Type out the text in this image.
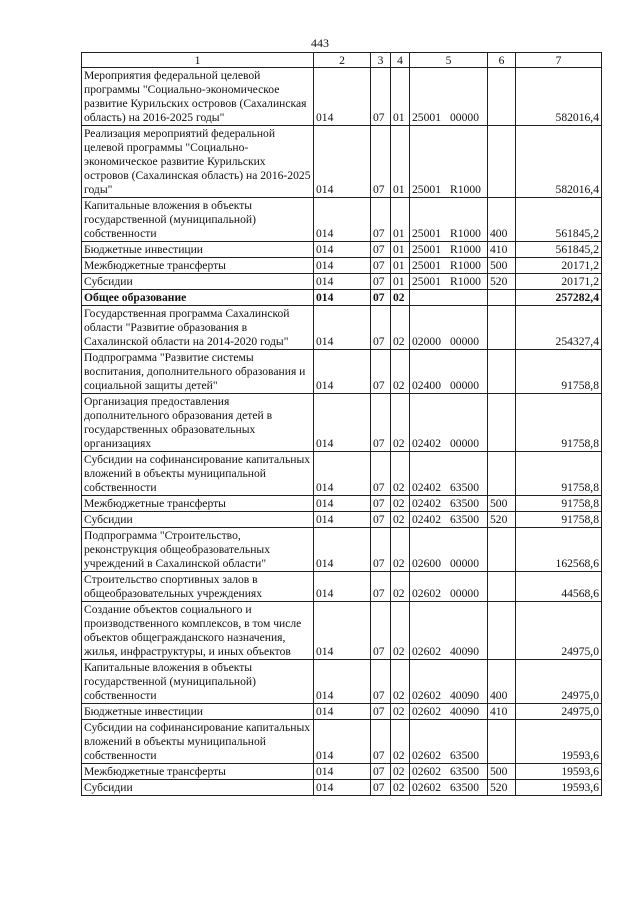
443
1	2	3	4	5	6	7
Мероприятия федеральной целевой программы "Социально-экономическое развитие Курильских островов (Сахалинская область) на 2016-2025 годы"	014	07	01	25001 00000		582016,4
Реализация мероприятий федеральной целевой программы "Социально-экономическое развитие Курильских островов (Сахалинская область) на 2016-2025 годы"	014	07	01	25001 R1000		582016,4
Капитальные вложения в объекты государственной (муниципальной) собственности	014	07	01	25001 R1000	400	561845,2
Бюджетные инвестиции	014	07	01	25001 R1000	410	561845,2
Межбюджетные трансферты	014	07	01	25001 R1000	500	20171,2
Субсидии	014	07	01	25001 R1000	520	20171,2
Общее образование	014	07	02			257282,4
Государственная программа Сахалинской области "Развитие образования в Сахалинской области на 2014-2020 годы"	014	07	02	02000 00000		254327,4
Подпрограмма "Развитие системы воспитания, дополнительного образования и социальной защиты детей"	014	07	02	02400 00000		91758,8
Организация предоставления дополнительного образования детей в государственных образовательных организациях	014	07	02	02402 00000		91758,8
Субсидии на софинансирование капитальных вложений в объекты муниципальной собственности	014	07	02	02402 63500		91758,8
Межбюджетные трансферты	014	07	02	02402 63500	500	91758,8
Субсидии	014	07	02	02402 63500	520	91758,8
Подпрограмма "Строительство, реконструкция общеобразовательных учреждений в Сахалинской области"	014	07	02	02600 00000		162568,6
Строительство спортивных залов в общеобразовательных учреждениях	014	07	02	02602 00000		44568,6
Создание объектов социального и производственного комплексов, в том числе объектов общегражданского назначения, жилья, инфраструктуры, и иных объектов	014	07	02	02602 40090		24975,0
Капитальные вложения в объекты государственной (муниципальной) собственности	014	07	02	02602 40090	400	24975,0
Бюджетные инвестиции	014	07	02	02602 40090	410	24975,0
Субсидии на софинансирование капитальных вложений в объекты муниципальной собственности	014	07	02	02602 63500		19593,6
Межбюджетные трансферты	014	07	02	02602 63500	500	19593,6
Субсидии	014	07	02	02602 63500	520	19593,6
